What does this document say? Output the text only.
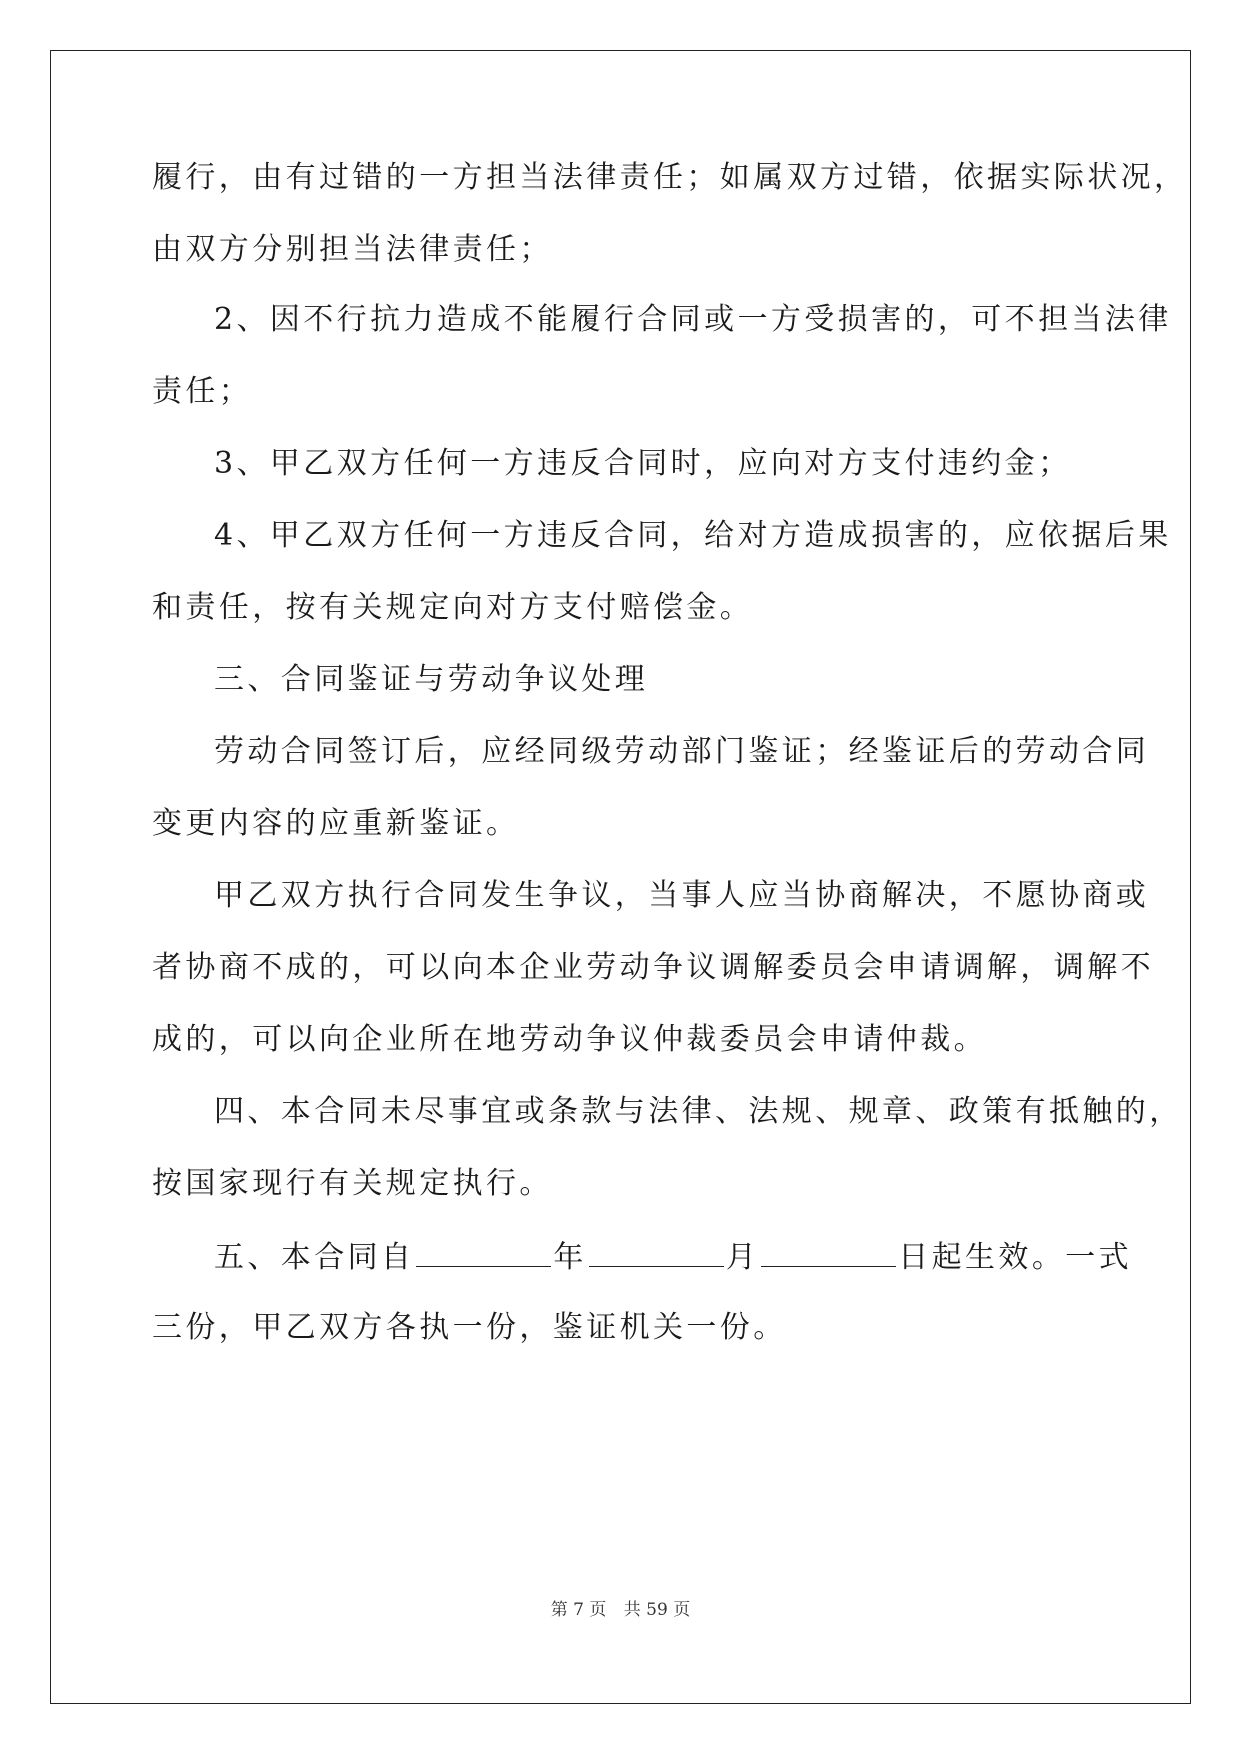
履行，由有过错的一方担当法律责任；如属双方过错，依据实际状况，
由双方分别担当法律责任；
2、因不行抗力造成不能履行合同或一方受损害的，可不担当法律
责任；
3、甲乙双方任何一方违反合同时，应向对方支付违约金；
4、甲乙双方任何一方违反合同，给对方造成损害的，应依据后果
和责任，按有关规定向对方支付赔偿金。
三、合同鉴证与劳动争议处理
劳动合同签订后，应经同级劳动部门鉴证；经鉴证后的劳动合同
变更内容的应重新鉴证。
甲乙双方执行合同发生争议，当事人应当协商解决，不愿协商或
者协商不成的，可以向本企业劳动争议调解委员会申请调解，调解不
成的，可以向企业所在地劳动争议仲裁委员会申请仲裁。
四、本合同未尽事宜或条款与法律、法规、规章、政策有抵触的，
按国家现行有关规定执行。
五、本合同自	年	月	日起生效。一式
三份，甲乙双方各执一份，鉴证机关一份。
第 7 页 共 59 页
